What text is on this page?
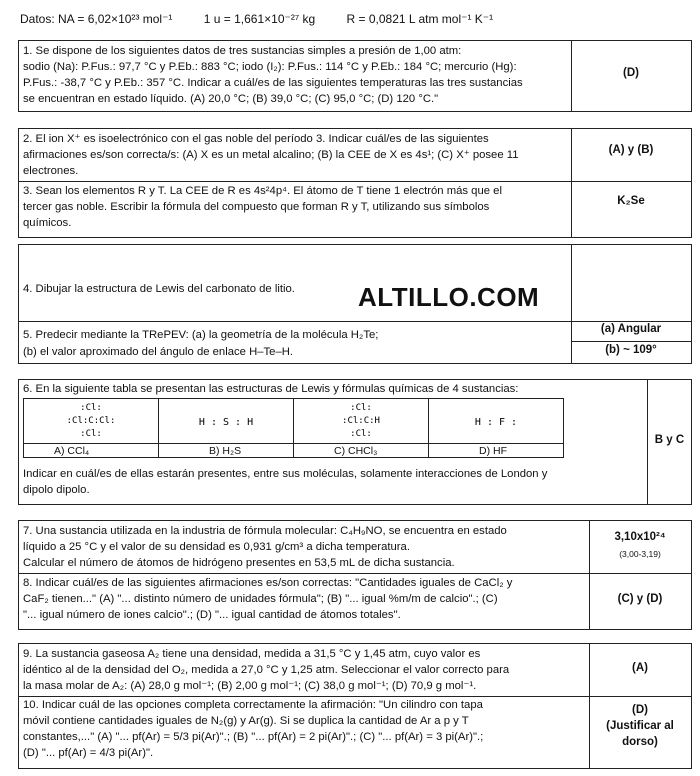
Datos: NA = 6,02×10²³ mol⁻¹	1 u = 1,661×10⁻²⁷ kg	R = 0,0821 L atm mol⁻¹ K⁻¹
1. Se dispone de los siguientes datos de tres sustancias simples a presión de 1,00 atm:
sodio (Na): P.Fus.: 97,7 °C y P.Eb.: 883 °C; iodo (I₂): P.Fus.: 114 °C y P.Eb.: 184 °C; mercurio (Hg):
P.Fus.: -38,7 °C y P.Eb.: 357 °C. Indicar a cuál/es de las siguientes temperaturas las tres sustancias
se encuentran en estado líquido. (A) 20,0 °C; (B) 39,0 °C; (C) 95,0 °C; (D) 120 °C."
(D)
2. El ion X⁺ es isoelectrónico con el gas noble del período 3. Indicar cuál/es de las siguientes
afirmaciones es/son correcta/s: (A) X es un metal alcalino; (B) la CEE de X es 4s¹; (C) X⁺ posee 11
electrones.
(A) y (B)
3. Sean los elementos R y T. La CEE de R es 4s²4p⁴. El átomo de T tiene 1 electrón más que el
tercer gas noble. Escribir la fórmula del compuesto que forman R y T, utilizando sus símbolos
químicos.
K₂Se
4. Dibujar la estructura de Lewis del carbonato de litio.
5. Predecir mediante la TRePEV: (a) la geometría de la molécula H₂Te;
(b) el valor aproximado del ángulo de enlace H–Te–H.
(a) Angular
(b) ~ 109°
ALTILLO.COM
6. En la siguiente tabla se presentan las estructuras de Lewis y fórmulas químicas de 4 sustancias:
B y C
:Cl:
:Cl:C:Cl:
:Cl:
A) CCl₄
H : S : H
B) H₂S
:Cl:
:Cl:C:H
:Cl:
C) CHCl₃
H : F :
D) HF
Indicar en cuál/es de ellas estarán presentes, entre sus moléculas, solamente interacciones de London y
dipolo dipolo.
7. Una sustancia utilizada en la industria de fórmula molecular: C₄H₉NO, se encuentra en estado
líquido a 25 °C y el valor de su densidad es 0,931 g/cm³ a dicha temperatura.
Calcular el número de átomos de hidrógeno presentes en 53,5 mL de dicha sustancia.
3,10x10²⁴
(3,00-3,19)
8. Indicar cuál/es de las siguientes afirmaciones es/son correctas: "Cantidades iguales de CaCl₂ y
CaF₂ tienen..." (A) "... distinto número de unidades fórmula"; (B) "... igual %m/m de calcio".; (C)
"... igual número de iones calcio".; (D) "... igual cantidad de átomos totales".
(C) y (D)
9. La sustancia gaseosa A₂ tiene una densidad, medida a 31,5 °C y 1,45 atm, cuyo valor es
idéntico al de la densidad del O₂, medida a 27,0 °C y 1,25 atm. Seleccionar el valor correcto para
la masa molar de A₂: (A) 28,0 g mol⁻¹; (B) 2,00 g mol⁻¹; (C) 38,0 g mol⁻¹; (D) 70,9 g mol⁻¹.
(A)
10. Indicar cuál de las opciones completa correctamente la afirmación: "Un cilindro con tapa
móvil contiene cantidades iguales de N₂(g) y Ar(g). Si se duplica la cantidad de Ar a p y T
constantes,..." (A) "... pf(Ar) = 5/3 pi(Ar)".; (B) "... pf(Ar) = 2 pi(Ar)".; (C) "... pf(Ar) = 3 pi(Ar)".;
(D) "... pf(Ar) = 4/3 pi(Ar)".
(D)
(Justificar al
dorso)
